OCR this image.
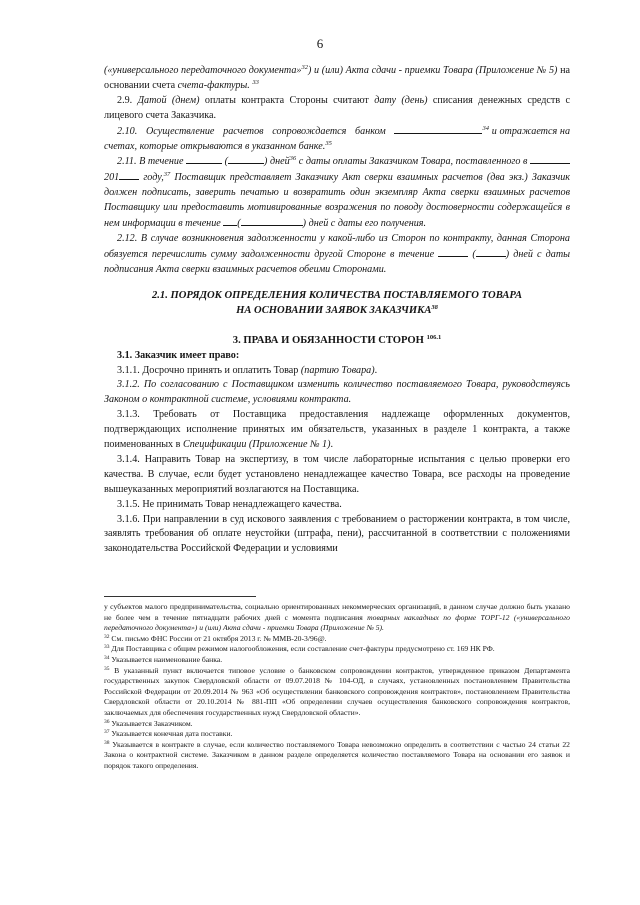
6

(«универсального передаточного документа»$^{32}$) и (или) Акта сдачи - приемки Товара (Приложение № 5) на основании счета счета-фактуры. $^{33}$

2.9. Датой (днем) оплаты контракта Стороны считают дату (день) списания денежных средств с лицевого счета Заказчика.

2.10. Осуществление расчетов сопровождается банком	$^{34}$ и отражается на счетах, которые открываются в указанном банке.$^{35}$

2.11. В течение	(	) дней$^{36}$ с даты оплаты Заказчиком Товара, поставленного в  201 году,$^{37}$ Поставщик представляет Заказчику Акт сверки взаимных расчетов (два экз.) Заказчик должен подписать, заверить печатью и возвратить один экземпляр Акта сверки взаимных расчетов Поставщику или предоставить мотивированные возражения по поводу достоверности содержащейся в нем информации в течение (	) дней с даты его получения.

2.12. В случае возникновения задолженности у какой-либо из Сторон по контракту, данная Сторона обязуется перечислить сумму задолженности другой Стороне в течение	(	) дней с даты подписания Акта сверки взаимных расчетов обеими Сторонами.

2.1. ПОРЯДОК ОПРЕДЕЛЕНИЯ КОЛИЧЕСТВА ПОСТАВЛЯЕМОГО ТОВАРА
НА ОСНОВАНИИ ЗАЯВОК ЗАКАЗЧИКА$^{38}$

3. ПРАВА И ОБЯЗАННОСТИ СТОРОН $^{106.1}$

3.1. Заказчик имеет право:

3.1.1. Досрочно принять и оплатить Товар (партию Товара).

3.1.2. По согласованию с Поставщиком изменить количество поставляемого Товара, руководствуясь Законом о контрактной системе, условиями контракта.

3.1.3. Требовать от Поставщика предоставления надлежаще оформленных документов, подтверждающих исполнение принятых им обязательств, указанных в разделе 1 контракта, а также поименованных в Спецификации (Приложение № 1).

3.1.4. Направить Товар на экспертизу, в том числе лабораторные испытания с целью проверки его качества. В случае, если будет установлено ненадлежащее качество Товара, все расходы на проведение вышеуказанных мероприятий возлагаются на Поставщика.

3.1.5. Не принимать Товар ненадлежащего качества.

3.1.6. При направлении в суд искового заявления с требованием о расторжении контракта, в том числе, заявлять требования об оплате неустойки (штрафа, пени), рассчитанной в соответствии с положениями законодательства Российской Федерации и условиями

у субъектов малого предпринимательства, социально ориентированных некоммерческих организаций, в данном случае должно быть указано не более чем в течение пятнадцати рабочих дней с момента подписания товарных накладных по форме ТОРГ-12 («универсального передаточного документа») и (или) Акта сдачи - приемки Товара (Приложение № 5).

$^{32}$ См. письмо ФНС России от 21 октября 2013 г. № ММВ-20-3/96@.

$^{33}$ Для Поставщика с общим режимом налогообложения, если составление счет-фактуры предусмотрено ст. 169 НК РФ.

$^{34}$ Указывается наименование банка.

$^{35}$ В указанный пункт включается типовое условие о банковском сопровождении контрактов, утвержденное приказом Департамента государственных закупок Свердловской области от 09.07.2018 № 104-ОД, в случаях, установленных постановлением Правительства Российской Федерации от 20.09.2014 № 963 «Об осуществлении банковского сопровождения контрактов», постановлением Правительства Свердловской области от 20.10.2014 № 881-ПП «Об определении случаев осуществления банковского сопровождения контрактов, заключаемых для обеспечения государственных нужд Свердловской области».

$^{36}$ Указывается Заказчиком.

$^{37}$ Указывается конечная дата поставки.

$^{38}$ Указывается в контракте в случае, если количество поставляемого Товара невозможно определить в соответствии с частью 24 статьи 22 Закона о контрактной системе. Заказчиком в данном разделе определяется количество поставляемого Товара на основании его заявок и порядок такого определения.
